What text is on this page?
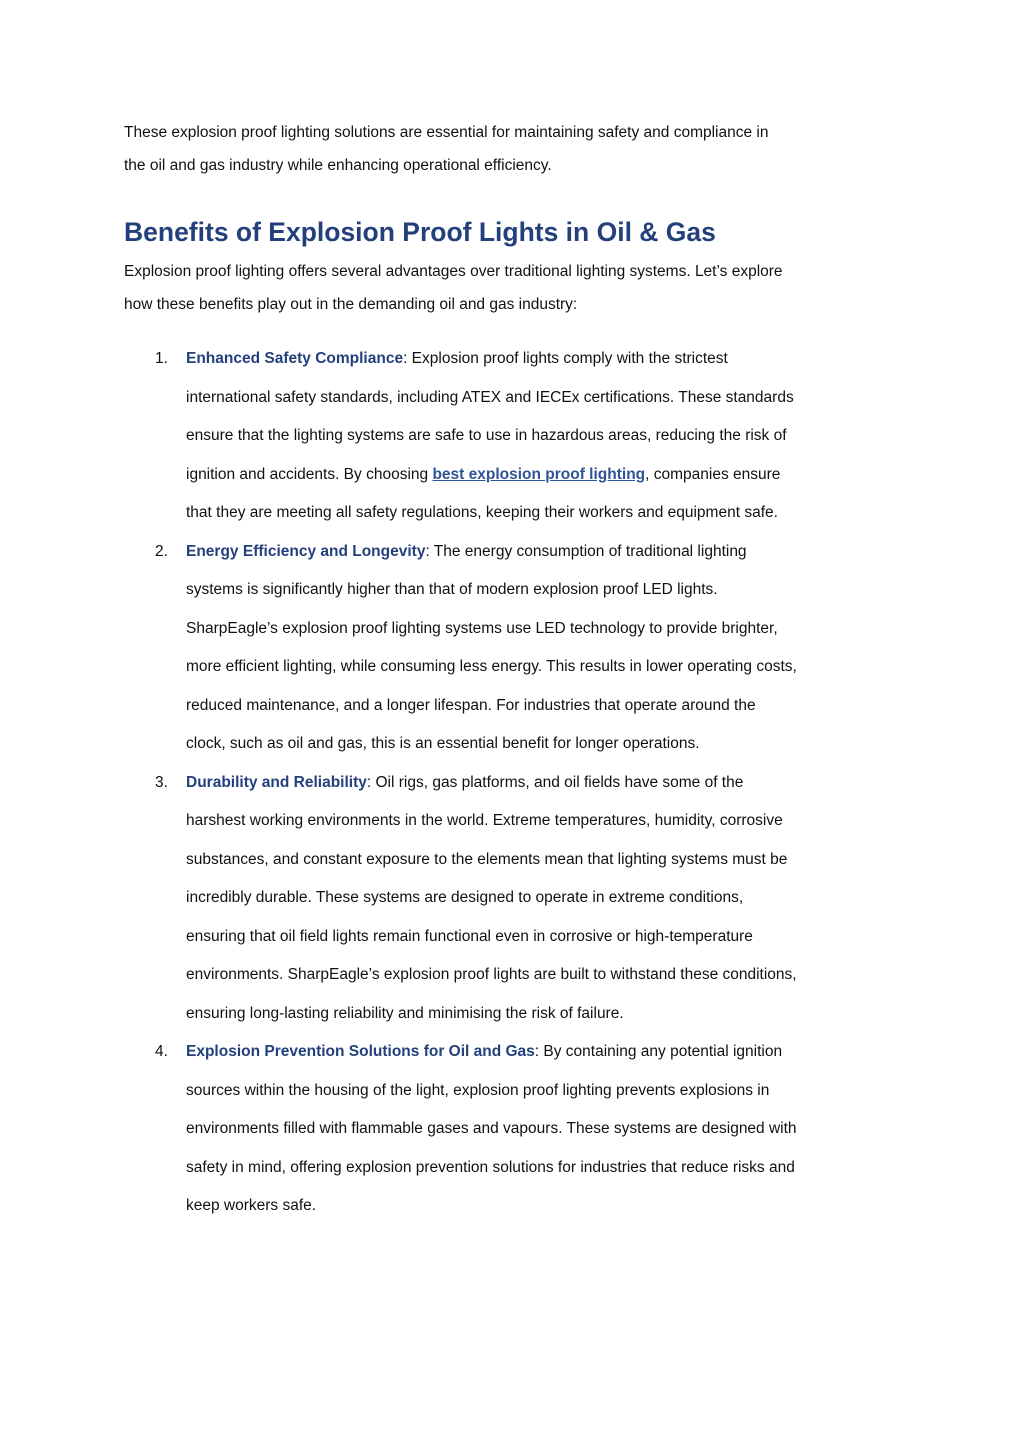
These explosion proof lighting solutions are essential for maintaining safety and compliance in
the oil and gas industry while enhancing operational efficiency.

Benefits of Explosion Proof Lights in Oil & Gas

Explosion proof lighting offers several advantages over traditional lighting systems. Let’s explore
how these benefits play out in the demanding oil and gas industry:

1. Enhanced Safety Compliance: Explosion proof lights comply with the strictest
international safety standards, including ATEX and IECEx certifications. These standards
ensure that the lighting systems are safe to use in hazardous areas, reducing the risk of
ignition and accidents. By choosing best explosion proof lighting, companies ensure
that they are meeting all safety regulations, keeping their workers and equipment safe.
2. Energy Efficiency and Longevity: The energy consumption of traditional lighting
systems is significantly higher than that of modern explosion proof LED lights.
SharpEagle’s explosion proof lighting systems use LED technology to provide brighter,
more efficient lighting, while consuming less energy. This results in lower operating costs,
reduced maintenance, and a longer lifespan. For industries that operate around the
clock, such as oil and gas, this is an essential benefit for longer operations.
3. Durability and Reliability: Oil rigs, gas platforms, and oil fields have some of the
harshest working environments in the world. Extreme temperatures, humidity, corrosive
substances, and constant exposure to the elements mean that lighting systems must be
incredibly durable. These systems are designed to operate in extreme conditions,
ensuring that oil field lights remain functional even in corrosive or high-temperature
environments. SharpEagle’s explosion proof lights are built to withstand these conditions,
ensuring long-lasting reliability and minimising the risk of failure.
4. Explosion Prevention Solutions for Oil and Gas: By containing any potential ignition
sources within the housing of the light, explosion proof lighting prevents explosions in
environments filled with flammable gases and vapours. These systems are designed with
safety in mind, offering explosion prevention solutions for industries that reduce risks and
keep workers safe.
